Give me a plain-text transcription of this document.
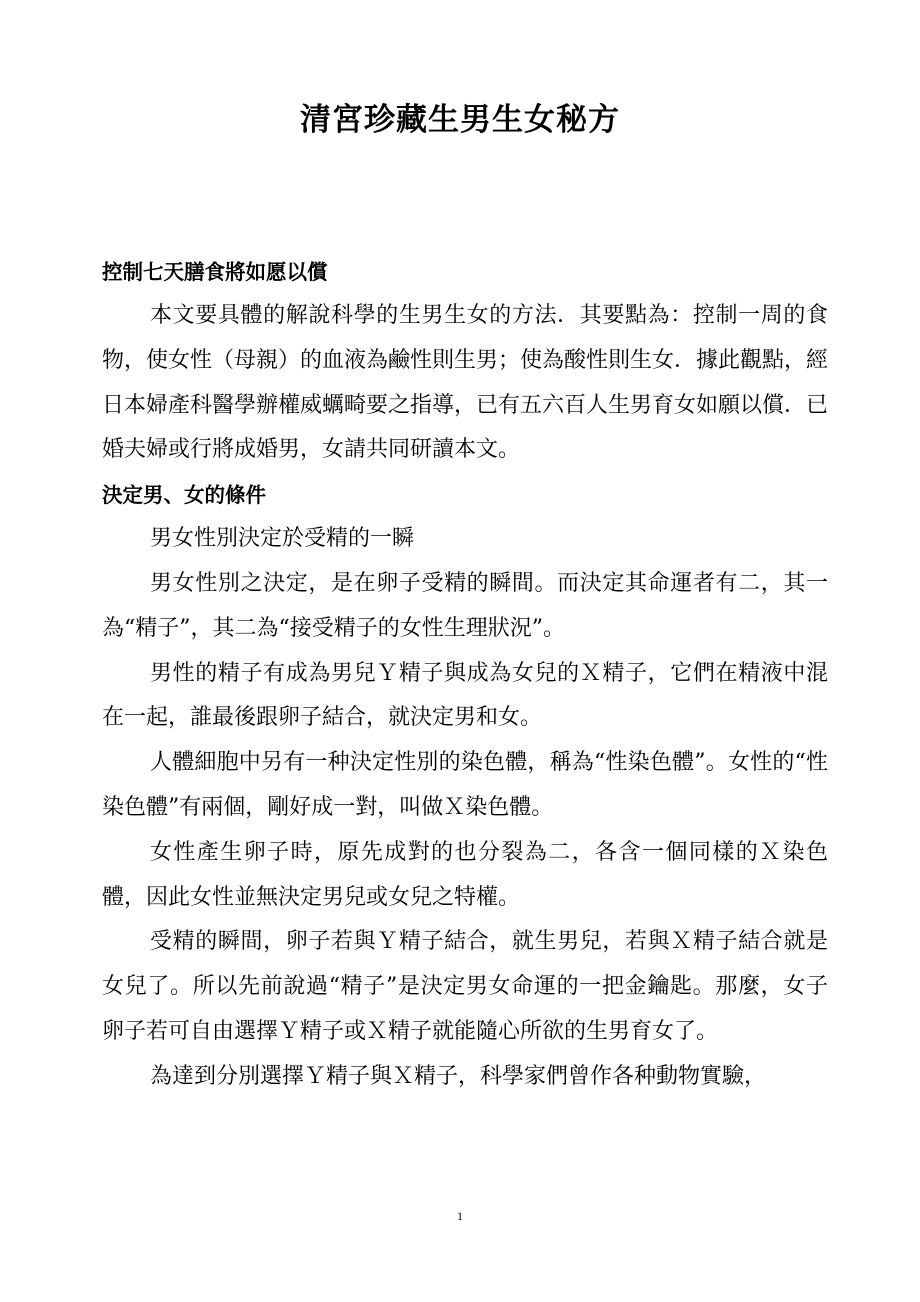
清宮珍藏生男生女秘方
控制七天膳食將如愿以償

本文要具體的解說科學的生男生女的方法．其要點為：控制一周的食物，使女性（母親）的血液為鹼性則生男；使為酸性則生女．據此觀點，經日本婦產科醫學辦權威蠣畸要之指導，已有五六百人生男育女如願以償．已婚夫婦或行將成婚男，女請共同研讀本文。

決定男、女的條件

男女性別決定於受精的一瞬

男女性別之決定，是在卵子受精的瞬間。而決定其命運者有二，其一為“精子”，其二為“接受精子的女性生理狀況”。

男性的精子有成為男兒Ｙ精子與成為女兒的Ｘ精子，它們在精液中混在一起，誰最後跟卵子結合，就決定男和女。

人體細胞中另有一种決定性別的染色體，稱為“性染色體”。女性的“性染色體”有兩個，剛好成一對，叫做Ｘ染色體。

女性產生卵子時，原先成對的也分裂為二，各含一個同樣的Ｘ染色體，因此女性並無決定男兒或女兒之特權。

受精的瞬間，卵子若與Ｙ精子結合，就生男兒，若與Ｘ精子結合就是女兒了。所以先前說過“精子”是決定男女命運的一把金鑰匙。那麼，女子卵子若可自由選擇Ｙ精子或Ｘ精子就能隨心所欲的生男育女了。

為達到分別選擇Ｙ精子與Ｘ精子，科學家們曾作各种動物實驗，

1
